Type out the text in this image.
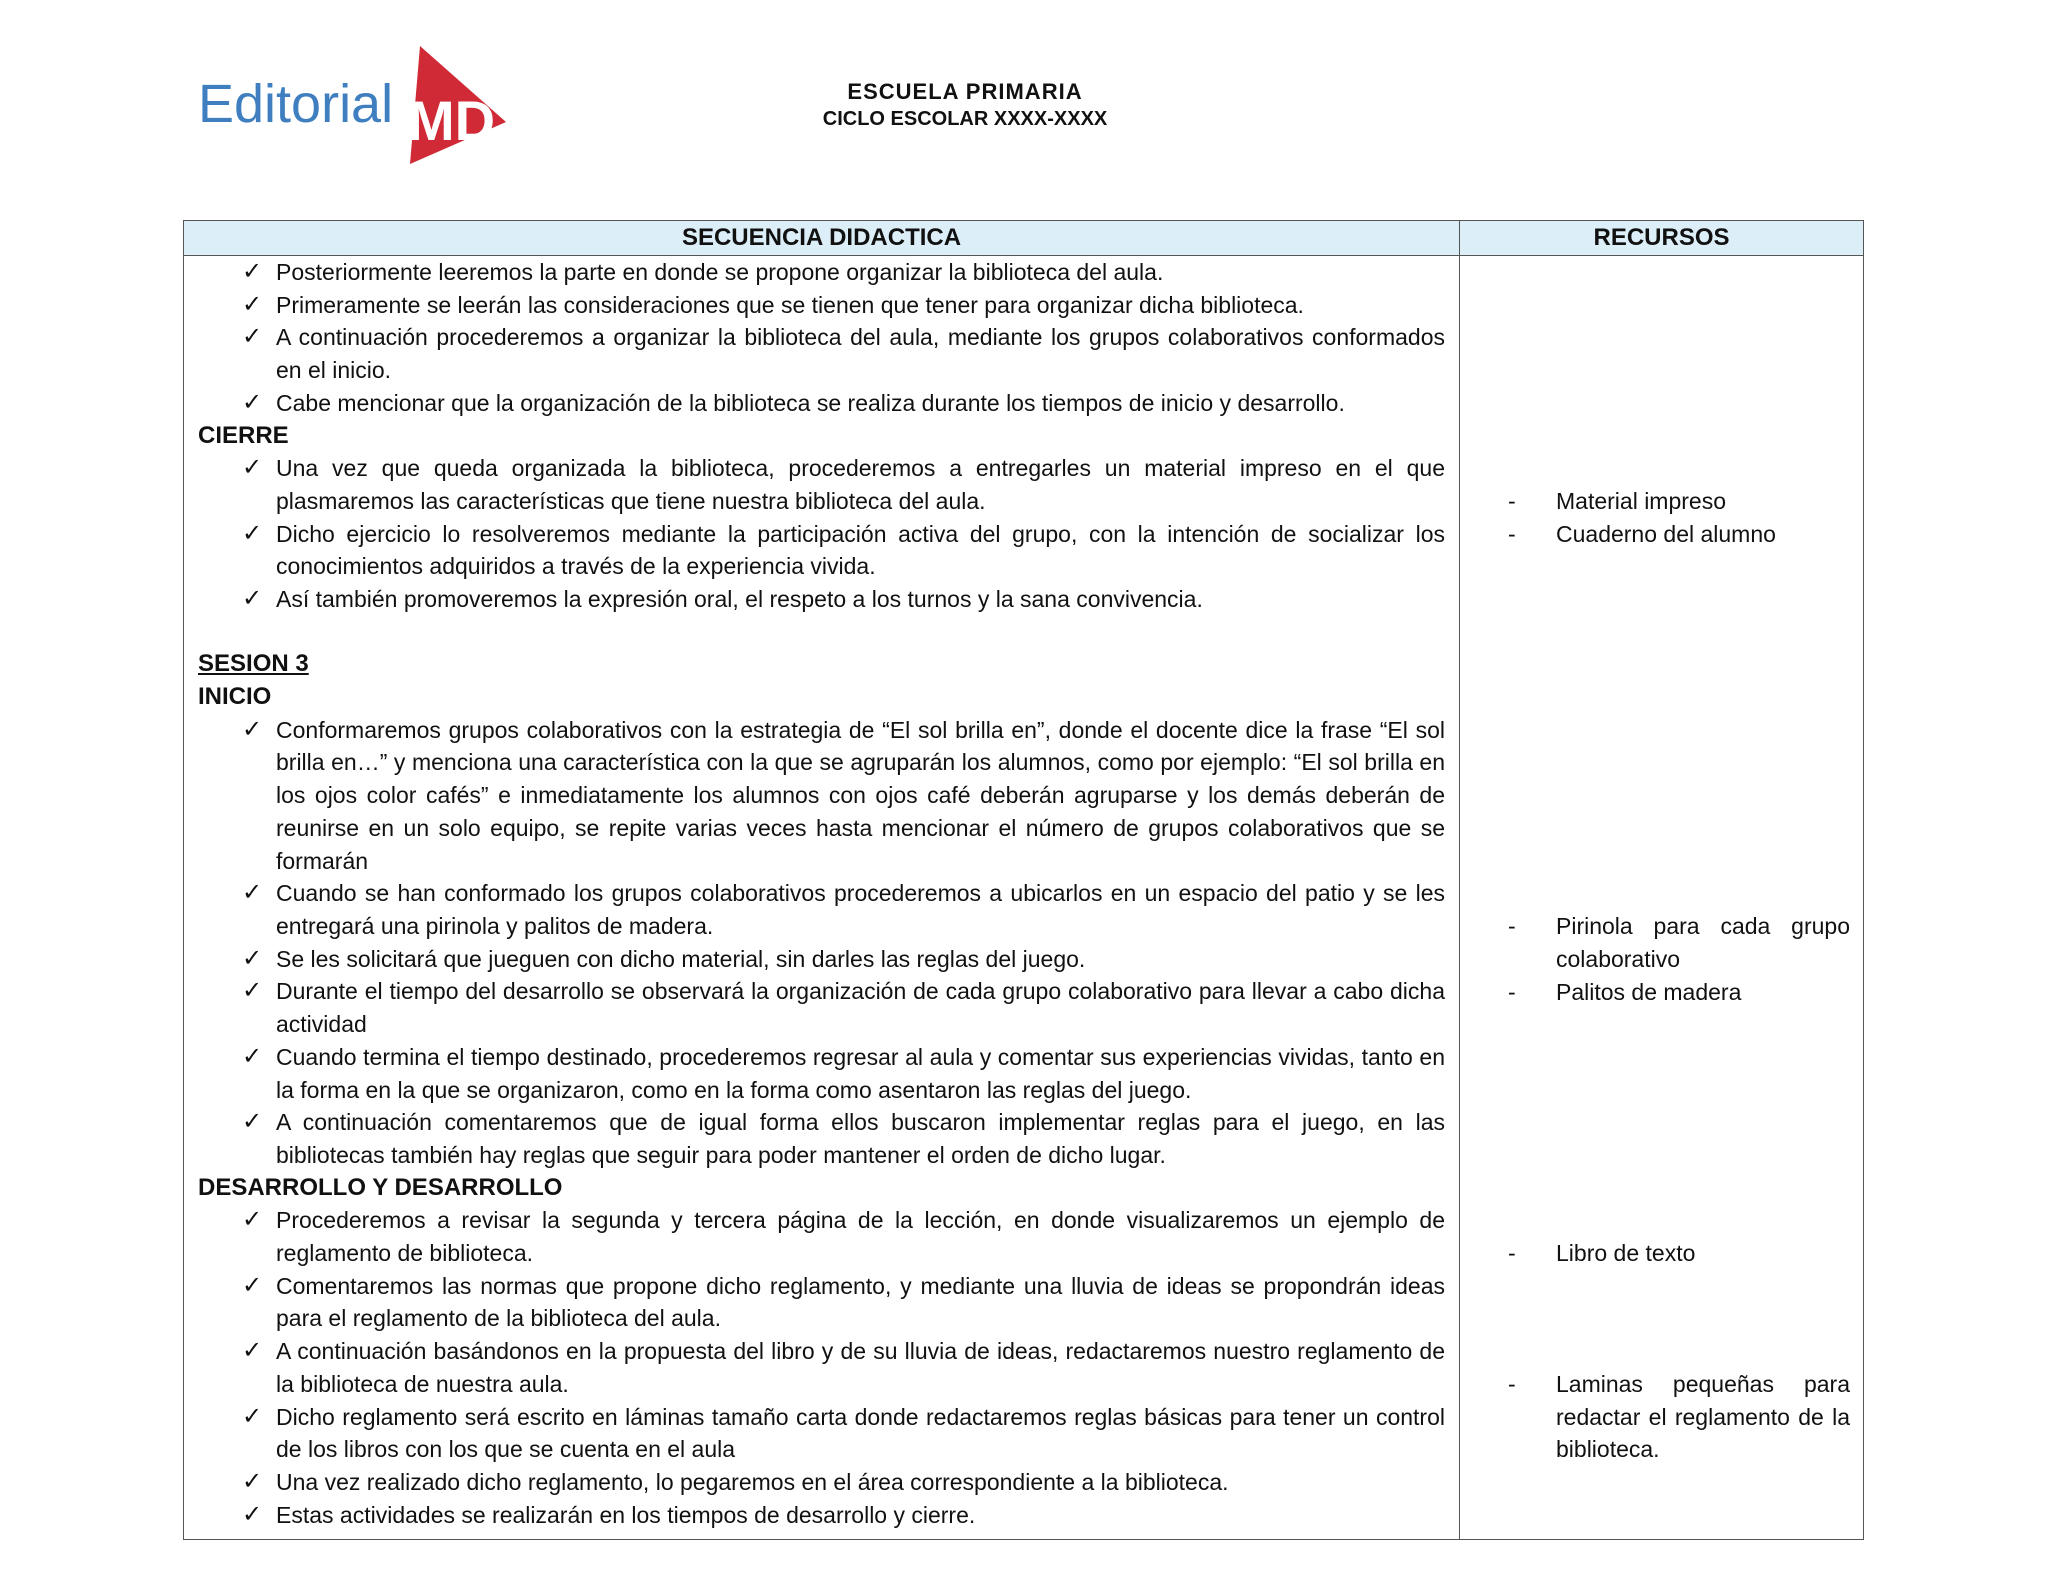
Editorial MD	ESCUELA PRIMARIA
CICLO ESCOLAR XXXX-XXXX
SECUENCIA DIDACTICA	RECURSOS
✓ Posteriormente leeremos la parte en donde se propone organizar la biblioteca del aula.
✓ Primeramente se leerán las consideraciones que se tienen que tener para organizar dicha biblioteca.
✓ A continuación procederemos a organizar la biblioteca del aula, mediante los grupos colaborativos conformados en el inicio.
✓ Cabe mencionar que la organización de la biblioteca se realiza durante los tiempos de inicio y desarrollo.
CIERRE
✓ Una vez que queda organizada la biblioteca, procederemos a entregarles un material impreso en el que plasmaremos las características que tiene nuestra biblioteca del aula.
✓ Dicho ejercicio lo resolveremos mediante la participación activa del grupo, con la intención de socializar los conocimientos adquiridos a través de la experiencia vivida.
✓ Así también promoveremos la expresión oral, el respeto a los turnos y la sana convivencia.
SESION 3
INICIO
✓ Conformaremos grupos colaborativos con la estrategia de “El sol brilla en”, donde el docente dice la frase “El sol brilla en…” y menciona una característica con la que se agruparán los alumnos, como por ejemplo: “El sol brilla en los ojos color cafés” e inmediatamente los alumnos con ojos café deberán agruparse y los demás deberán de reunirse en un solo equipo, se repite varias veces hasta mencionar el número de grupos colaborativos que se formarán
✓ Cuando se han conformado los grupos colaborativos procederemos a ubicarlos en un espacio del patio y se les entregará una pirinola y palitos de madera.
✓ Se les solicitará que jueguen con dicho material, sin darles las reglas del juego.
✓ Durante el tiempo del desarrollo se observará la organización de cada grupo colaborativo para llevar a cabo dicha actividad
✓ Cuando termina el tiempo destinado, procederemos regresar al aula y comentar sus experiencias vividas, tanto en la forma en la que se organizaron, como en la forma como asentaron las reglas del juego.
✓ A continuación comentaremos que de igual forma ellos buscaron implementar reglas para el juego, en las bibliotecas también hay reglas que seguir para poder mantener el orden de dicho lugar.
DESARROLLO Y DESARROLLO
✓ Procederemos a revisar la segunda y tercera página de la lección, en donde visualizaremos un ejemplo de reglamento de biblioteca.
✓ Comentaremos las normas que propone dicho reglamento, y mediante una lluvia de ideas se propondrán ideas para el reglamento de la biblioteca del aula.
✓ A continuación basándonos en la propuesta del libro y de su lluvia de ideas, redactaremos nuestro reglamento de la biblioteca de nuestra aula.
✓ Dicho reglamento será escrito en láminas tamaño carta donde redactaremos reglas básicas para tener un control de los libros con los que se cuenta en el aula
✓ Una vez realizado dicho reglamento, lo pegaremos en el área correspondiente a la biblioteca.
✓ Estas actividades se realizarán en los tiempos de desarrollo y cierre.
- Material impreso
- Cuaderno del alumno
- Pirinola para cada grupo colaborativo
- Palitos de madera
- Libro de texto
- Laminas pequeñas para redactar el reglamento de la biblioteca.
